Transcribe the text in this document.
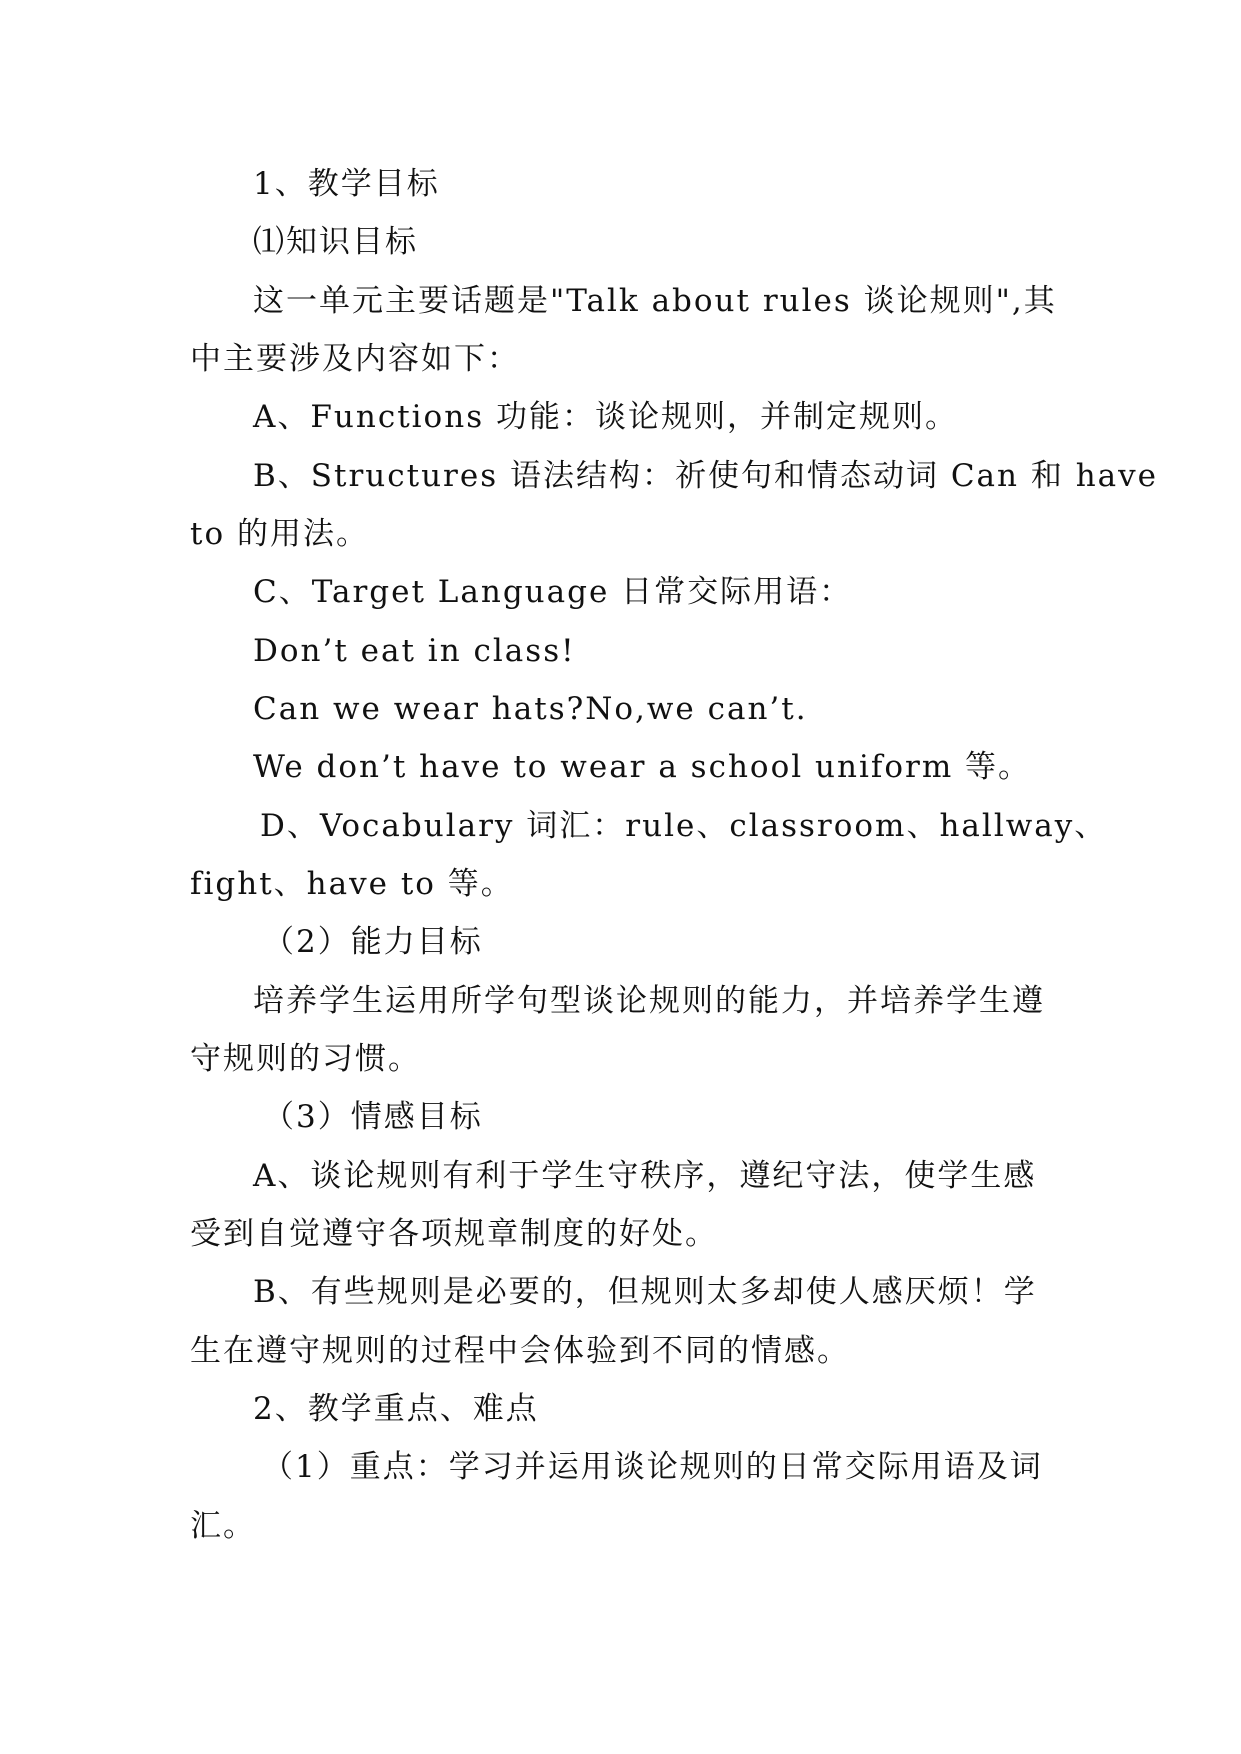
1、教学目标

⑴知识目标

这一单元主要话题是"Talk about rules 谈论规则",其

中主要涉及内容如下：

A、Functions 功能：谈论规则，并制定规则。

B、Structures 语法结构：祈使句和情态动词 Can 和 have

to 的用法。

C、Target Language 日常交际用语：

Don’t eat in class!

Can we wear hats?No,we can’t.

We don’t have to wear a school uniform 等。

D、Vocabulary 词汇：rule、classroom、hallway、

fight、have to 等。

（2）能力目标

培养学生运用所学句型谈论规则的能力，并培养学生遵

守规则的习惯。

（3）情感目标

A、谈论规则有利于学生守秩序，遵纪守法，使学生感

受到自觉遵守各项规章制度的好处。

B、有些规则是必要的，但规则太多却使人感厌烦！学

生在遵守规则的过程中会体验到不同的情感。

2、教学重点、难点

（1）重点：学习并运用谈论规则的日常交际用语及词

汇。
